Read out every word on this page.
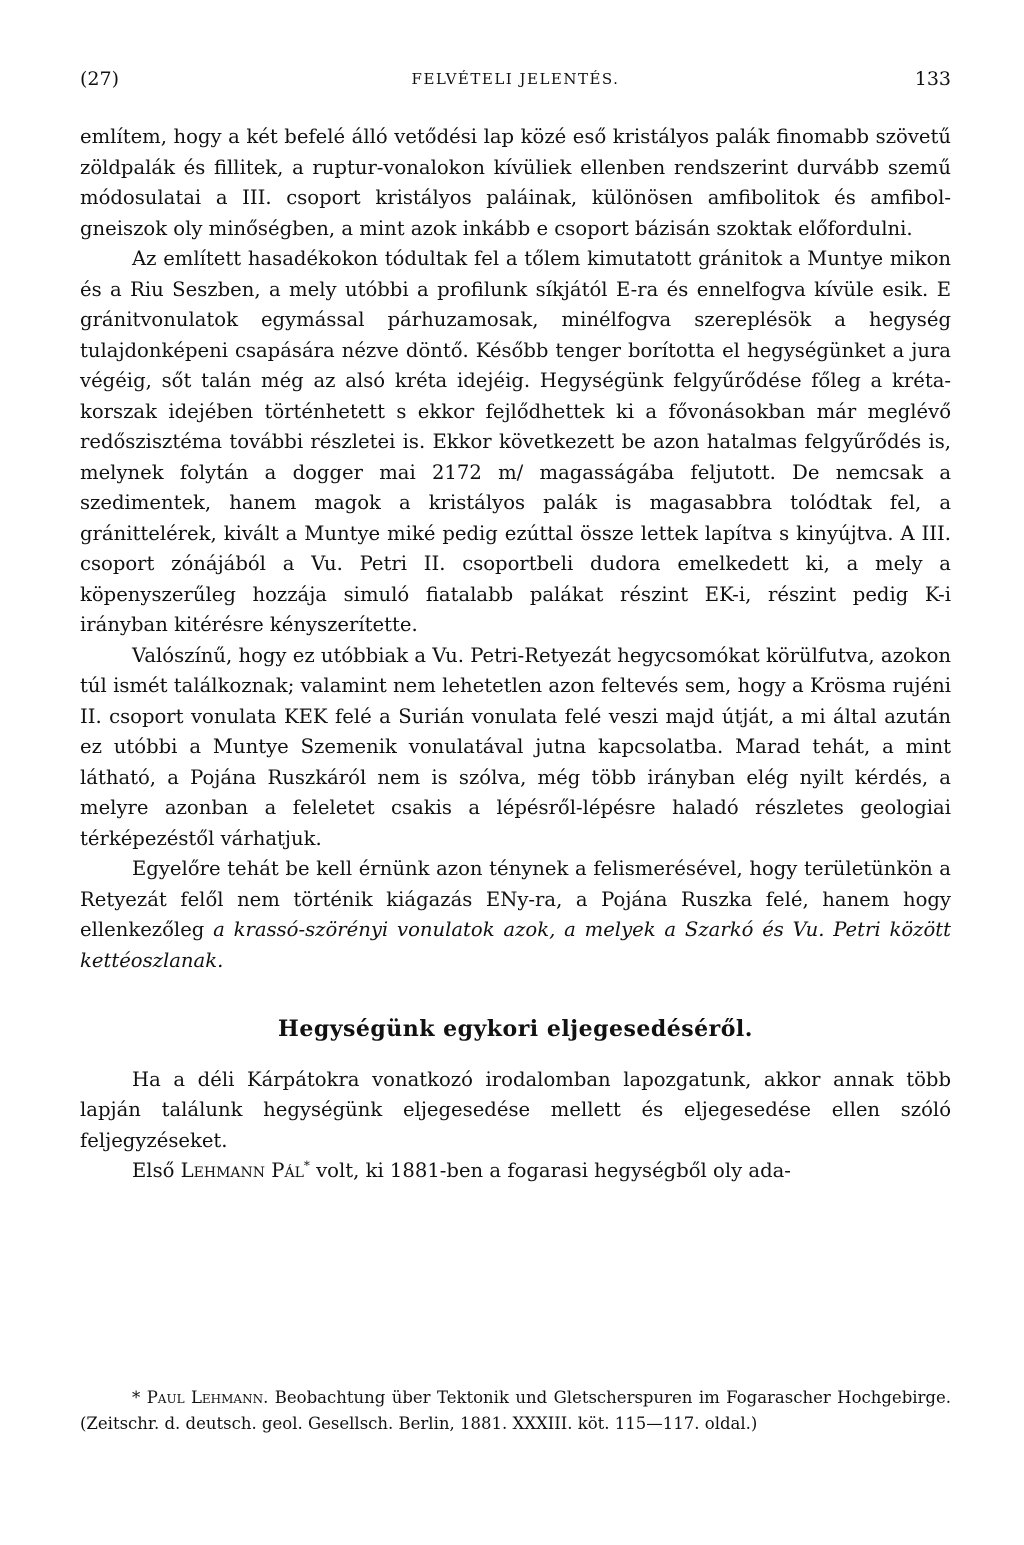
(27)	FELVÉTELI JELENTÉS.	133

említem, hogy a két befelé álló vetődési lap közé eső kristályos palák finomabb szövetű zöldpalák és fillitek, a ruptur-vonalokon kívüliek ellenben rendszerint durvább szemű módosulatai a III. csoport kristályos paláinak, különösen amfibolitok és amfibol-gneiszok oly minőségben, a mint azok inkább e csoport bázisán szoktak előfordulni.

Az említett hasadékokon tódultak fel a tőlem kimutatott gránitok a Muntye mikon és a Riu Seszben, a mely utóbbi a profilunk síkjától E-ra és ennelfogva kívüle esik. E gránitvonulatok egymással párhuzamosak, minélfogva szereplésök a hegység tulajdonképeni csapására nézve döntő. Később tenger borította el hegységünket a jura végéig, sőt talán még az alsó kréta idejéig. Hegységünk felgyűrődése főleg a kréta-korszak idejében történhetett s ekkor fejlődhettek ki a fővonásokban már meglévő redőszisztéma további részletei is. Ekkor következett be azon hatalmas felgyűrődés is, melynek folytán a dogger mai 2172 m/ magasságába feljutott. De nemcsak a szedimentek, hanem magok a kristályos palák is magasabbra tolódtak fel, a gránittelérek, kivált a Muntye miké pedig ezúttal össze lettek lapítva s kinyújtva. A III. csoport zónájából a Vu. Petri II. csoportbeli dudora emelkedett ki, a mely a köpenyszerűleg hozzája simuló fiatalabb palákat részint EK-i, részint pedig K-i irányban kitérésre kényszerítette.

Valószínű, hogy ez utóbbiak a Vu. Petri-Retyezát hegycsomókat körülfutva, azokon túl ismét találkoznak; valamint nem lehetetlen azon feltevés sem, hogy a Krösma rujéni II. csoport vonulata KEK felé a Surián vonulata felé veszi majd útját, a mi által azután ez utóbbi a Muntye Szemenik vonulatával jutna kapcsolatba. Marad tehát, a mint látható, a Pojána Ruszkáról nem is szólva, még több irányban elég nyilt kérdés, a melyre azonban a feleletet csakis a lépésről-lépésre haladó részletes geologiai térképezéstől várhatjuk.

Egyelőre tehát be kell érnünk azon ténynek a felismerésével, hogy területünkön a Retyezát felől nem történik kiágazás ENy-ra, a Pojána Ruszka felé, hanem hogy ellenkezőleg a krassó-szörényi vonulatok azok, a melyek a Szarkó és Vu. Petri között kettéoszlanak.

Hegységünk egykori eljegesedéséről.

Ha a déli Kárpátokra vonatkozó irodalomban lapozgatunk, akkor annak több lapján találunk hegységünk eljegesedése mellett és eljegesedése ellen szóló feljegyzéseket.

Első Lehmann Pál* volt, ki 1881-ben a fogarasi hegységből oly ada-

* Paul Lehmann. Beobachtung über Tektonik und Gletscherspuren im Fogarascher Hochgebirge. (Zeitschr. d. deutsch. geol. Gesellsch. Berlin, 1881. XXXIII. köt. 115—117. oldal.)
